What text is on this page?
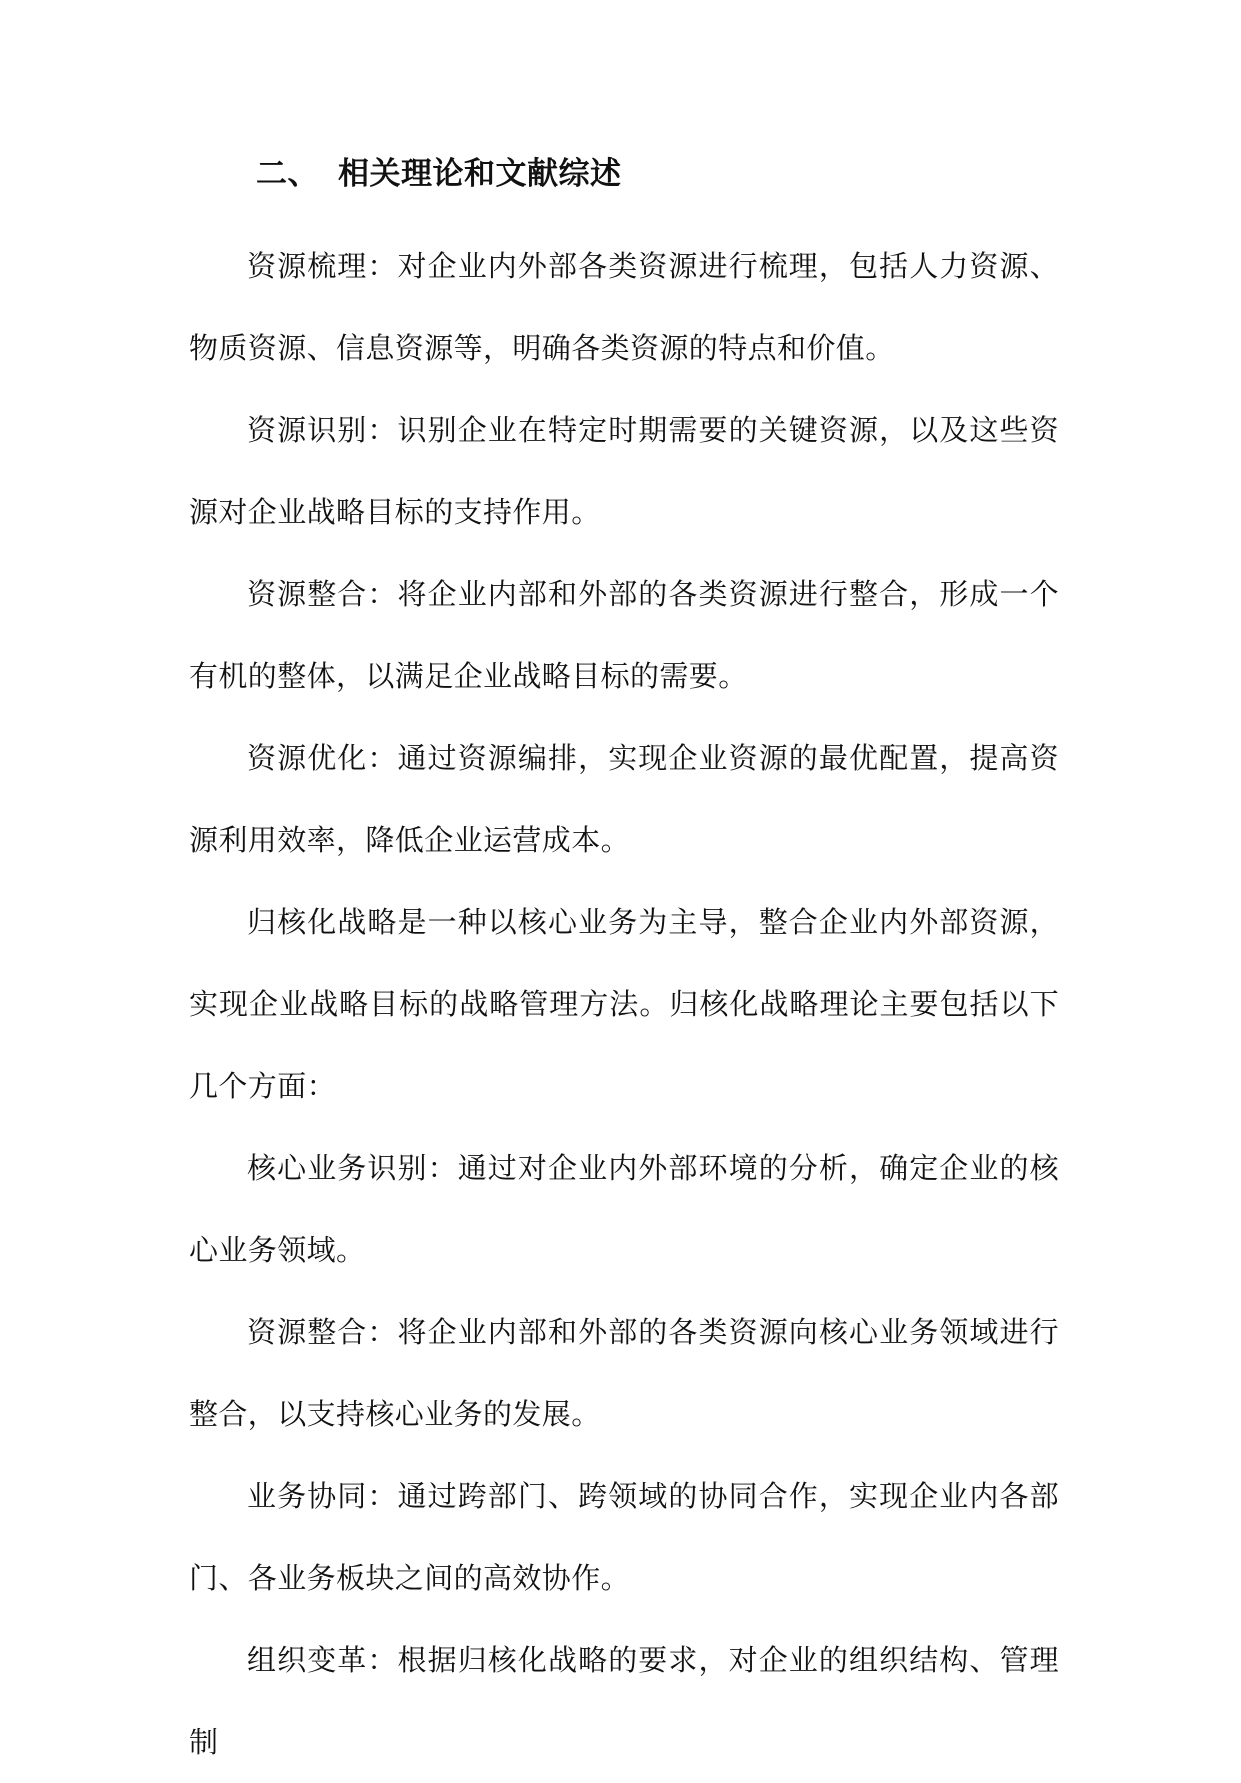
二、 相关理论和文献综述

资源梳理：对企业内外部各类资源进行梳理，包括人力资源、物质资源、信息资源等，明确各类资源的特点和价值。

资源识别：识别企业在特定时期需要的关键资源，以及这些资源对企业战略目标的支持作用。

资源整合：将企业内部和外部的各类资源进行整合，形成一个有机的整体，以满足企业战略目标的需要。

资源优化：通过资源编排，实现企业资源的最优配置，提高资源利用效率，降低企业运营成本。

归核化战略是一种以核心业务为主导，整合企业内外部资源，实现企业战略目标的战略管理方法。归核化战略理论主要包括以下几个方面：

核心业务识别：通过对企业内外部环境的分析，确定企业的核心业务领域。

资源整合：将企业内部和外部的各类资源向核心业务领域进行整合，以支持核心业务的发展。

业务协同：通过跨部门、跨领域的协同合作，实现企业内各部门、各业务板块之间的高效协作。

组织变革：根据归核化战略的要求，对企业的组织结构、管理制
